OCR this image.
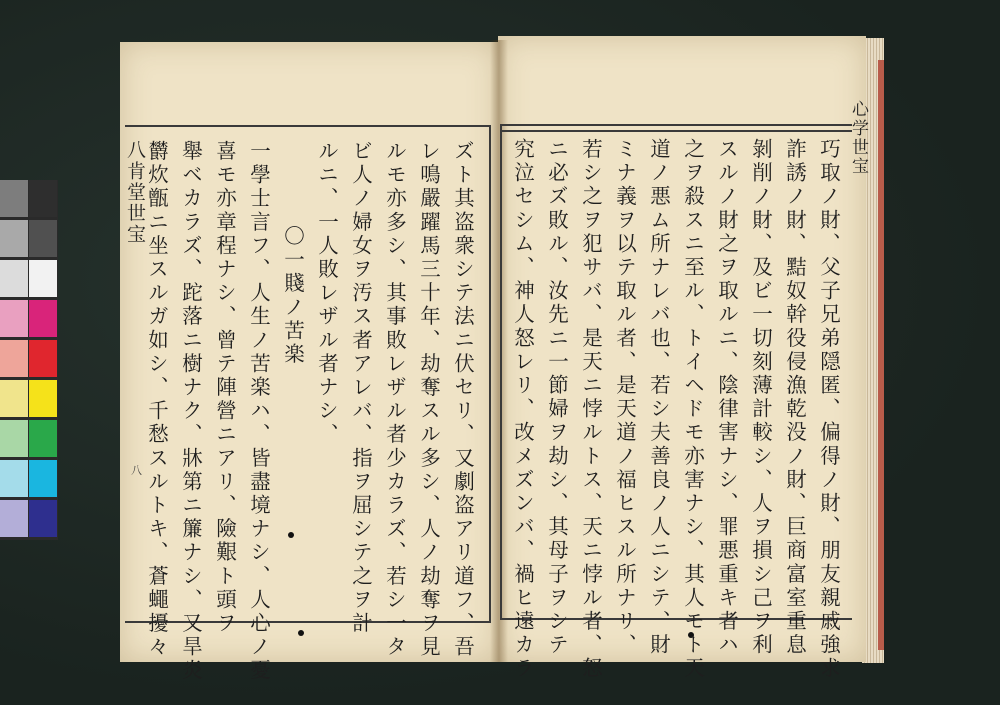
八肯堂世宝
心学世宝
八	ズト其盗衆シテ法ニ伏セリ、又劇盗アリ道フ、吾
レ鳴嚴躍馬三十年、劫奪スル多シ、人ノ劫奪ヲ見
ルモ亦多シ、其事敗レザル者少カラズ、若シ一タ
ビ人ノ婦女ヲ汚ス者アレバ、指ヲ屈シテ之ヲ計
ルニ、一人敗レザル者ナシ、
〇一賤ノ苦楽
一學士言フ、人生ノ苦楽ハ、皆盡境ナシ、人心ノ憂
喜モ亦章程ナシ、曾テ陣營ニアリ、險艱ト頭ヲ
舉ベカラズ、跎落ニ樹ナク、牀第ニ簾ナシ、又旱炎
欝炊甑ニ坐スルガ如シ、千愁スルトキ、蒼蠅擾々	巧取ノ財、父子兄弟隠匿、偏得ノ財、朋友親戚強求
詐誘ノ財、黠奴幹役侵漁乾没ノ財、巨商富室重息
剝削ノ財、及ビ一切刻薄計較シ、人ヲ損シ己ヲ利
スルノ財之ヲ取ルニ、陰律害ナシ、罪悪重キ者ハ
之ヲ殺スニ至ル、トイヘドモ亦害ナシ、其人モト天
道ノ悪ム所ナレバ也、若シ夫善良ノ人ニシテ、財
ミナ義ヲ以テ取ル者、是天道ノ福ヒスル所ナリ、
若シ之ヲ犯サバ、是天ニ悖ルトス、天ニ悖ル者、怒
ニ必ズ敗ル、汝先ニ一節婦ヲ劫シ、其母子ヲシテ
究泣セシム、神人怒レリ、改メズンバ、禍ヒ遠カラ
